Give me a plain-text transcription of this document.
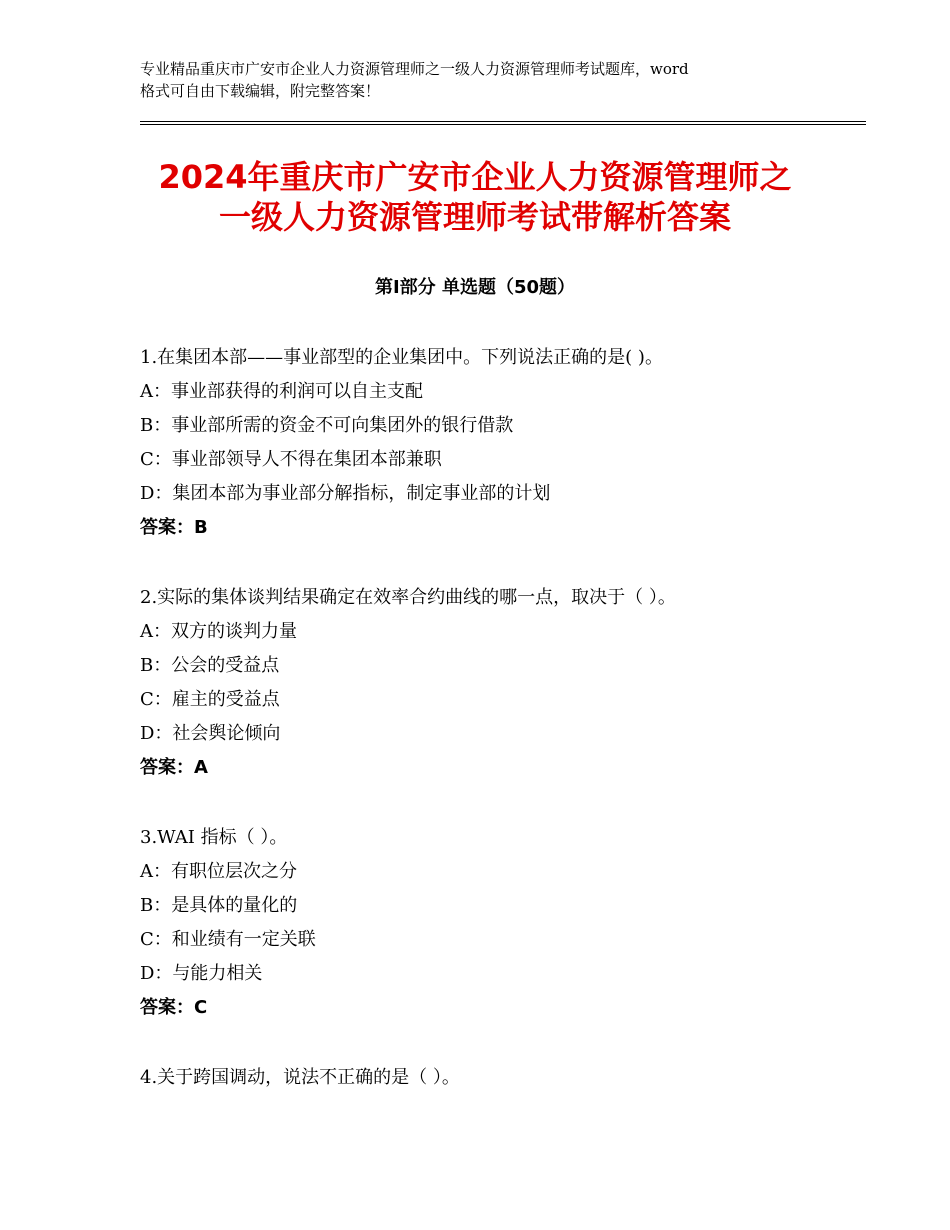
专业精品重庆市广安市企业人力资源管理师之一级人力资源管理师考试题库，word
格式可自由下载编辑，附完整答案！
2024年重庆市广安市企业人力资源管理师之
一级人力资源管理师考试带解析答案
第Ⅰ部分 单选题（50题）
1.在集团本部——事业部型的企业集团中。下列说法正确的是( )。
A：事业部获得的利润可以自主支配
B：事业部所需的资金不可向集团外的银行借款
C：事业部领导人不得在集团本部兼职
D：集团本部为事业部分解指标，制定事业部的计划
答案：B
2.实际的集体谈判结果确定在效率合约曲线的哪一点，取决于（ ）。
A：双方的谈判力量
B：公会的受益点
C：雇主的受益点
D：社会舆论倾向
答案：A
3.WAI 指标（ ）。
A：有职位层次之分
B：是具体的量化的
C：和业绩有一定关联
D：与能力相关
答案：C
4.关于跨国调动，说法不正确的是（ ）。
